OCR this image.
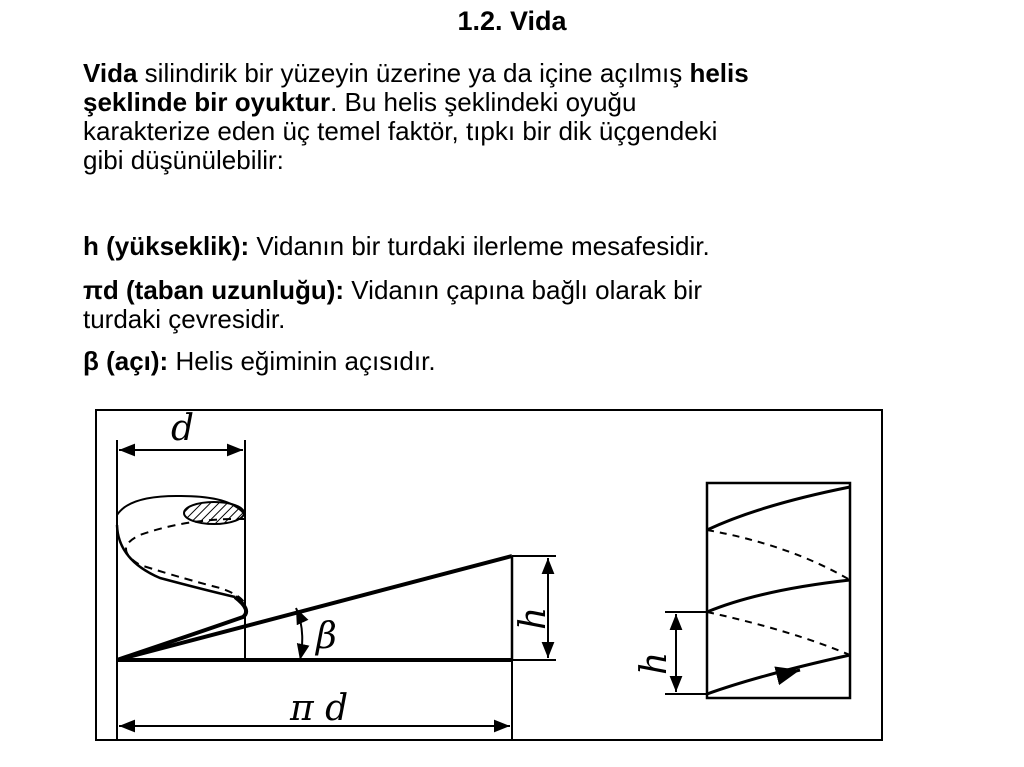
1.2. Vida
Vida silindirik bir yüzeyin üzerine ya da içine açılmış helis
şeklinde bir oyuktur. Bu helis şeklindeki oyuğu
karakterize eden üç temel faktör, tıpkı bir dik üçgendeki
gibi düşünülebilir:
h (yükseklik): Vidanın bir turdaki ilerleme mesafesidir.
πd (taban uzunluğu): Vidanın çapına bağlı olarak bir
turdaki çevresidir.
β (açı): Helis eğiminin açısıdır.
d
h
β
π d
h
